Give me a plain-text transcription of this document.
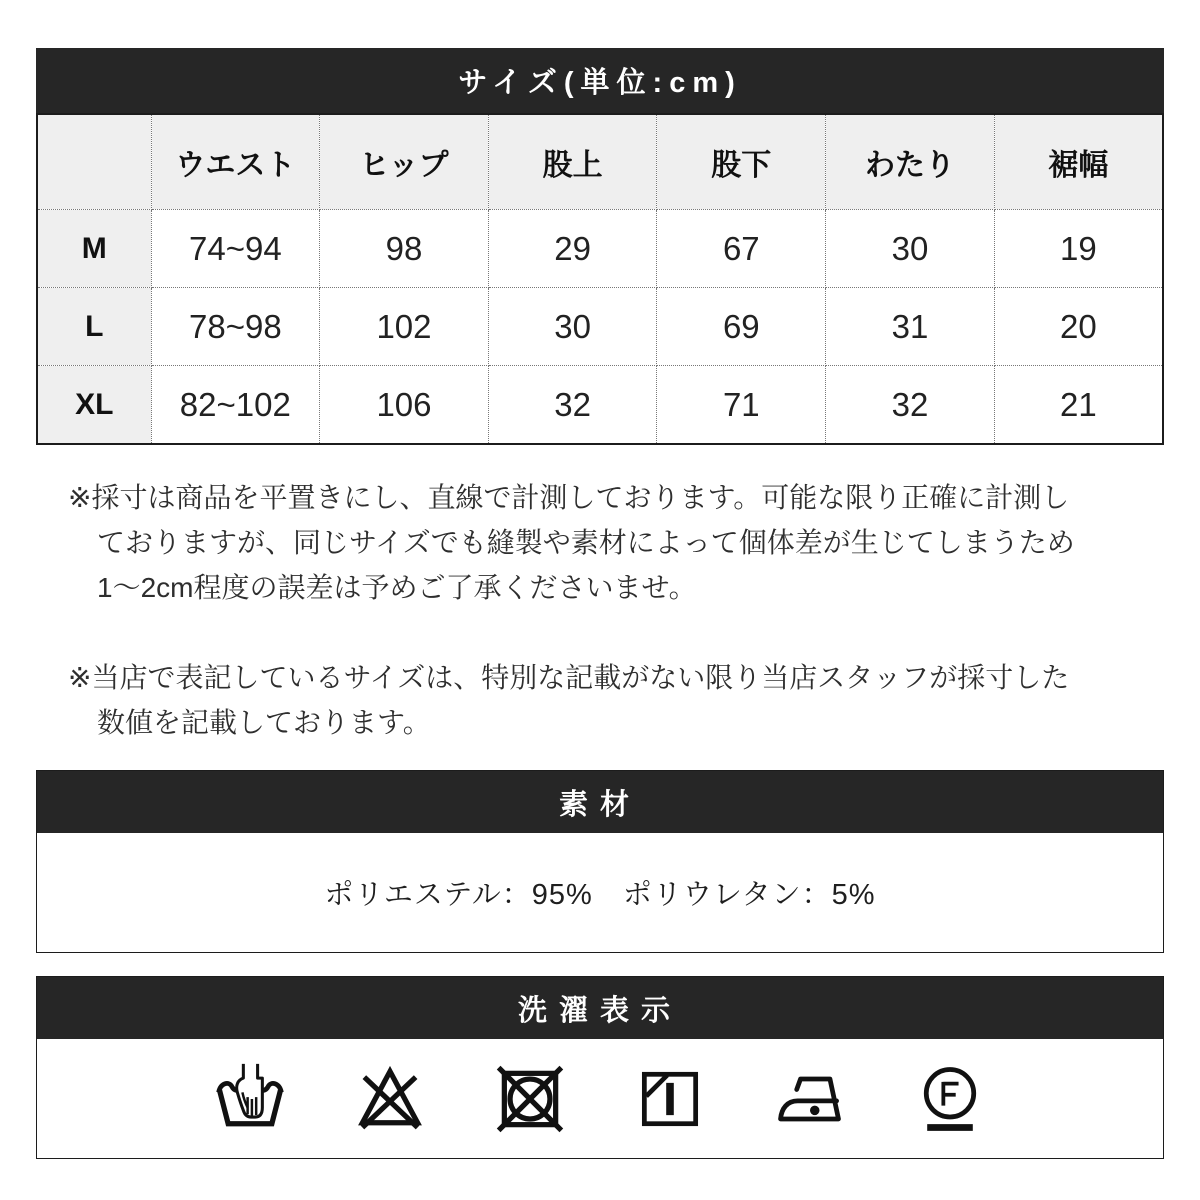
サイズ(単位:cm)
	ウエスト	ヒップ	股上	股下	わたり	裾幅
M	74~94	98	29	67	30	19
L	78~98	102	30	69	31	20
XL	82~102	106	32	71	32	21
※採寸は商品を平置きにし、直線で計測しております。可能な限り正確に計測し
ておりますが、同じサイズでも縫製や素材によって個体差が生じてしまうため
1〜2cm程度の誤差は予めご了承くださいませ。
※当店で表記しているサイズは、特別な記載がない限り当店スタッフが採寸した
数値を記載しております。
素材
ポリエステル：95%　ポリウレタン：5%
洗濯表示
